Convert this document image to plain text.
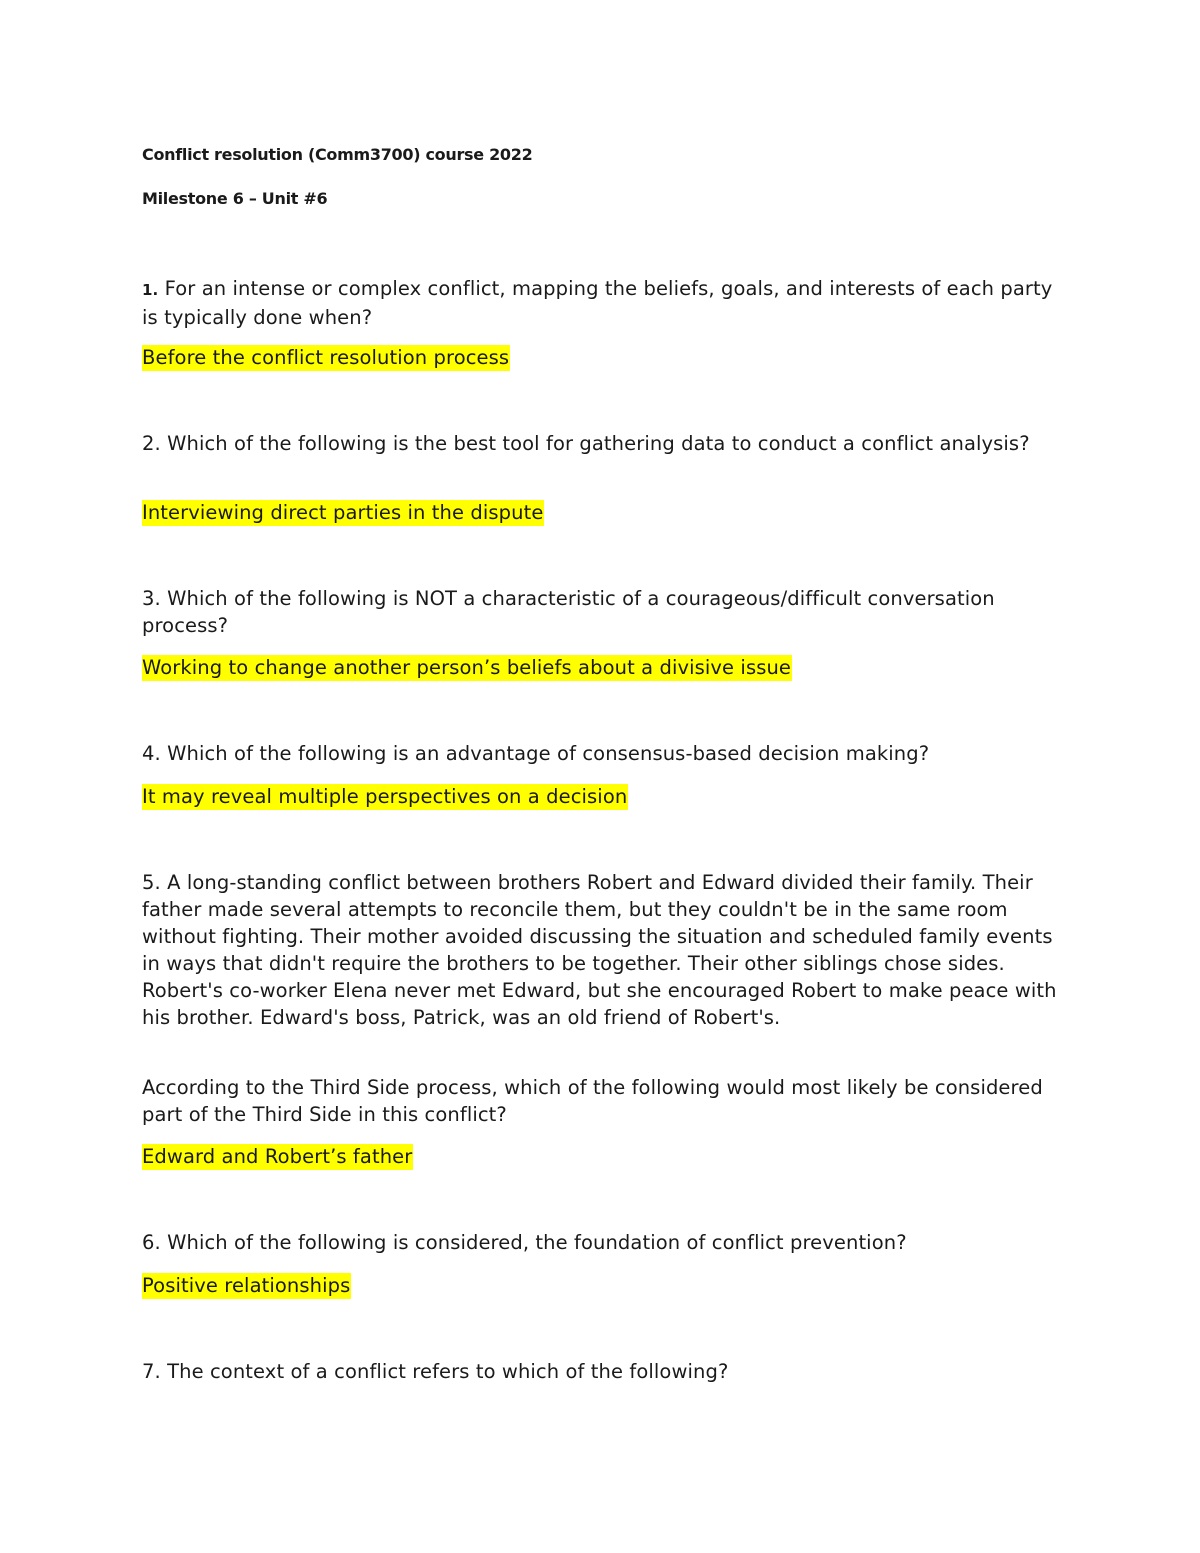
Conflict resolution (Comm3700) course 2022
Milestone 6 – Unit #6
1. For an intense or complex conflict, mapping the beliefs, goals, and interests of each party is typically done when?
Before the conflict resolution process
2. Which of the following is the best tool for gathering data to conduct a conflict analysis?
Interviewing direct parties in the dispute
3. Which of the following is NOT a characteristic of a courageous/difficult conversation process?
Working to change another person’s beliefs about a divisive issue
4. Which of the following is an advantage of consensus-based decision making?
It may reveal multiple perspectives on a decision
5. A long-standing conflict between brothers Robert and Edward divided their family. Their father made several attempts to reconcile them, but they couldn't be in the same room without fighting. Their mother avoided discussing the situation and scheduled family events in ways that didn't require the brothers to be together. Their other siblings chose sides. Robert's co-worker Elena never met Edward, but she encouraged Robert to make peace with his brother. Edward's boss, Patrick, was an old friend of Robert's.
According to the Third Side process, which of the following would most likely be considered part of the Third Side in this conflict?
Edward and Robert’s father
6. Which of the following is considered, the foundation of conflict prevention?
Positive relationships
7. The context of a conflict refers to which of the following?
